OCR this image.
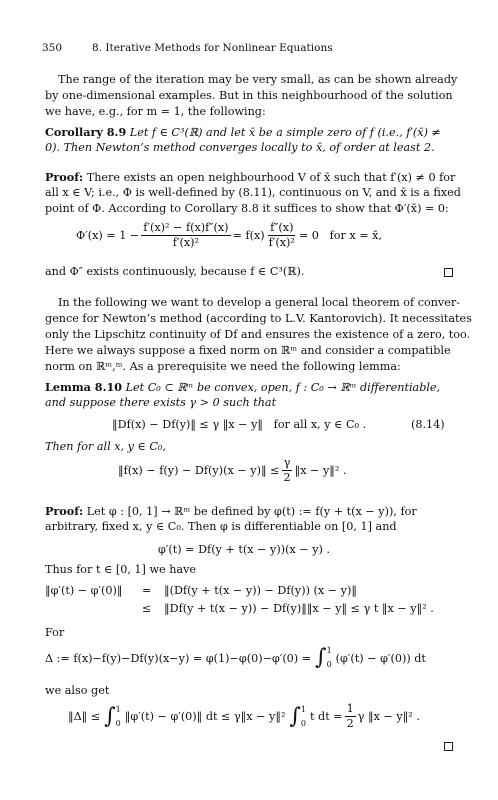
350	8. Iterative Methods for Nonlinear Equations
The range of the iteration may be very small, as can be shown already
by one-dimensional examples. But in this neighbourhood of the solution
we have, e.g., for m = 1, the following:
Corollary 8.9 Let f ∈ C³(ℝ) and let x̄ be a simple zero of f (i.e., f′(x̄) ≠
0). Then Newton’s method converges locally to x̄, of order at least 2.
Proof: There exists an open neighbourhood V of x̄ such that f′(x) ≠ 0 for
all x ∈ V; i.e., Φ is well-defined by (8.11), continuous on V, and x̄ is a fixed
point of Φ. According to Corollary 8.8 it suffices to show that Φ′(x̄) = 0:
$\Phi'(x) = 1 - \frac{\text{f′(x)² − f(x)f″(x)}}{\text{f′(x)²}} = f(x) \frac{f''(x)}{\text{f′(x)²}} = 0$   for x = x̄,
and Φ″ exists continuously, because f ∈ C³(ℝ).
In the following we want to develop a general local theorem of conver-
gence for Newton’s method (according to L.V. Kantorovich). It necessitates
only the Lipschitz continuity of Df and ensures the existence of a zero, too.
Here we always suppose a fixed norm on ℝᵐ and consider a compatible
norm on ℝᵐ,ᵐ. As a prerequisite we need the following lemma:
Lemma 8.10 Let C₀ ⊂ ℝᵐ be convex, open, f : C₀ → ℝᵐ differentiable,
and suppose there exists γ > 0 such that
‖Df(x) − Df(y)‖ ≤ γ ‖x − y‖   for all x, y ∈ C₀ .	(8.14)
Then for all x, y ∈ C₀,
‖f(x) − f(y) − Df(y)(x − y)‖ ≤ $\frac{\gamma}{2}$ ‖x − y‖² .
Proof: Let φ : [0, 1] → ℝᵐ be defined by φ(t) := f(y + t(x − y)), for
arbitrary, fixed x, y ∈ C₀. Then φ is differentiable on [0, 1] and
φ′(t) = Df(y + t(x − y))(x − y) .
Thus for t ∈ [0, 1] we have
‖φ′(t) − φ′(0)‖ = ‖(Df(y + t(x − y)) − Df(y)) (x − y)‖
≤ ‖Df(y + t(x − y)) − Df(y)‖‖x − y‖ ≤ γ t ‖x − y‖² .
For
Δ := f(x)−f(y)−Df(y)(x−y) = φ(1)−φ(0)−φ′(0) = ∫ 1
0 (φ′(t) − φ′(0)) dt
we also get
‖Δ‖ ≤ ∫ 1
0 ‖φ′(t) − φ′(0)‖ dt ≤ γ‖x − y‖² ∫ 1
0 t dt = $\frac{1}{2}$ γ ‖x − y‖² .
